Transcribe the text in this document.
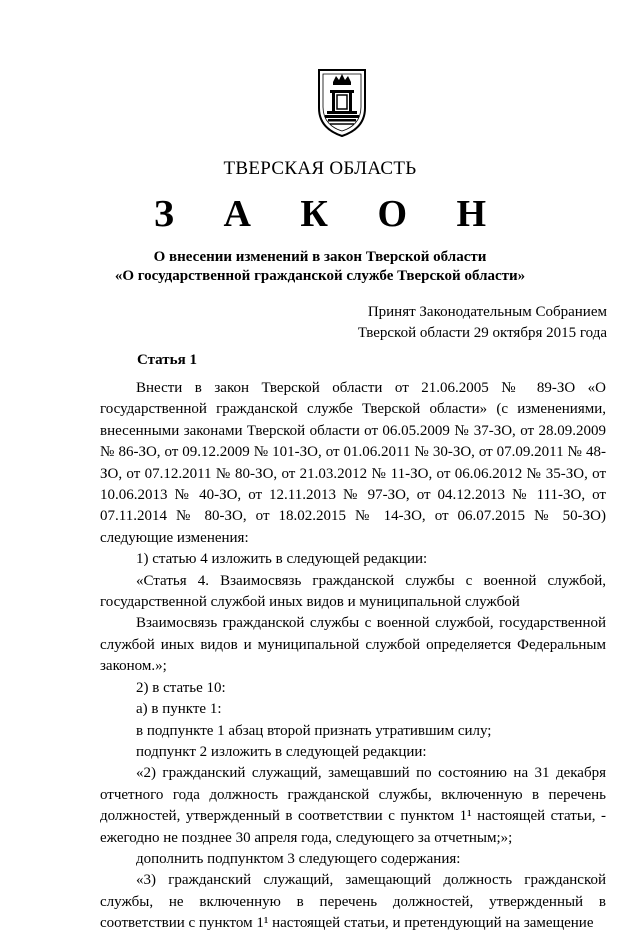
ТВЕРСКАЯ ОБЛАСТЬ
З А К О Н
О внесении изменений в закон Тверской области
«О государственной гражданской службе Тверской области»
Принят Законодательным Собранием
Тверской области 29 октября 2015 года
Статья 1

Внести в закон Тверской области от 21.06.2005 № 89-ЗО «О государственной гражданской службе Тверской области» (с изменениями, внесенными законами Тверской области от 06.05.2009 № 37-ЗО, от 28.09.2009 № 86-ЗО, от 09.12.2009 № 101-ЗО, от 01.06.2011 № 30-ЗО, от 07.09.2011 № 48-ЗО, от 07.12.2011 № 80-ЗО, от 21.03.2012 № 11-ЗО, от 06.06.2012 № 35-ЗО, от 10.06.2013 № 40-ЗО, от 12.11.2013 № 97-ЗО, от 04.12.2013 № 111-ЗО, от 07.11.2014 № 80-ЗО, от 18.02.2015 № 14-ЗО, от 06.07.2015 № 50-ЗО) следующие изменения:

1) статью 4 изложить в следующей редакции:

«Статья 4. Взаимосвязь гражданской службы с военной службой, государственной службой иных видов и муниципальной службой

Взаимосвязь гражданской службы с военной службой, государственной службой иных видов и муниципальной службой определяется Федеральным законом.»;

2) в статье 10:

а) в пункте 1:

в подпункте 1 абзац второй признать утратившим силу;

подпункт 2 изложить в следующей редакции:

«2) гражданский служащий, замещавший по состоянию на 31 декабря отчетного года должность гражданской службы, включенную в перечень должностей, утвержденный в соответствии с пунктом 1¹ настоящей статьи, - ежегодно не позднее 30 апреля года, следующего за отчетным;»;

дополнить подпунктом 3 следующего содержания:

«3) гражданский служащий, замещающий должность гражданской службы, не включенную в перечень должностей, утвержденный в соответствии с пунктом 1¹ настоящей статьи, и претендующий на замещение
